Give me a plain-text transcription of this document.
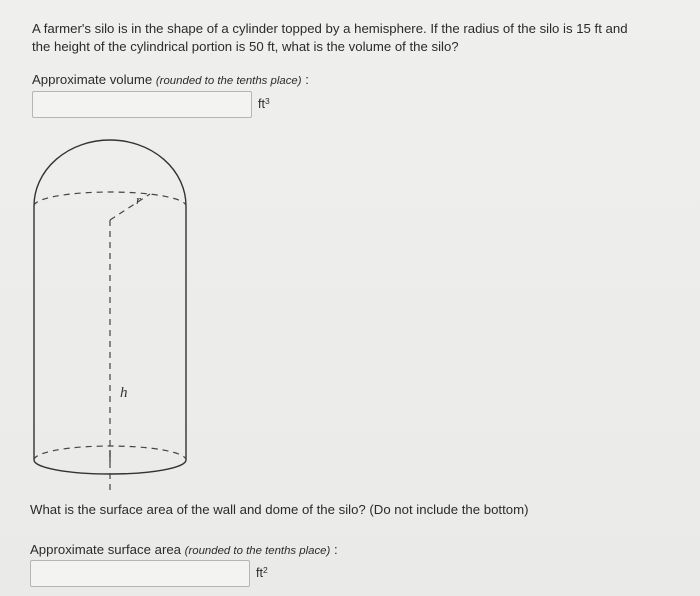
A farmer's silo is in the shape of a cylinder topped by a hemisphere. If the radius of the silo is 15 ft and the height of the cylindrical portion is 50 ft, what is the volume of the silo?
Approximate volume (rounded to the tenths place) :
$ft^3$
r
h
What is the surface area of the wall and dome of the silo? (Do not include the bottom)
Approximate surface area (rounded to the tenths place) :
$ft^2$
